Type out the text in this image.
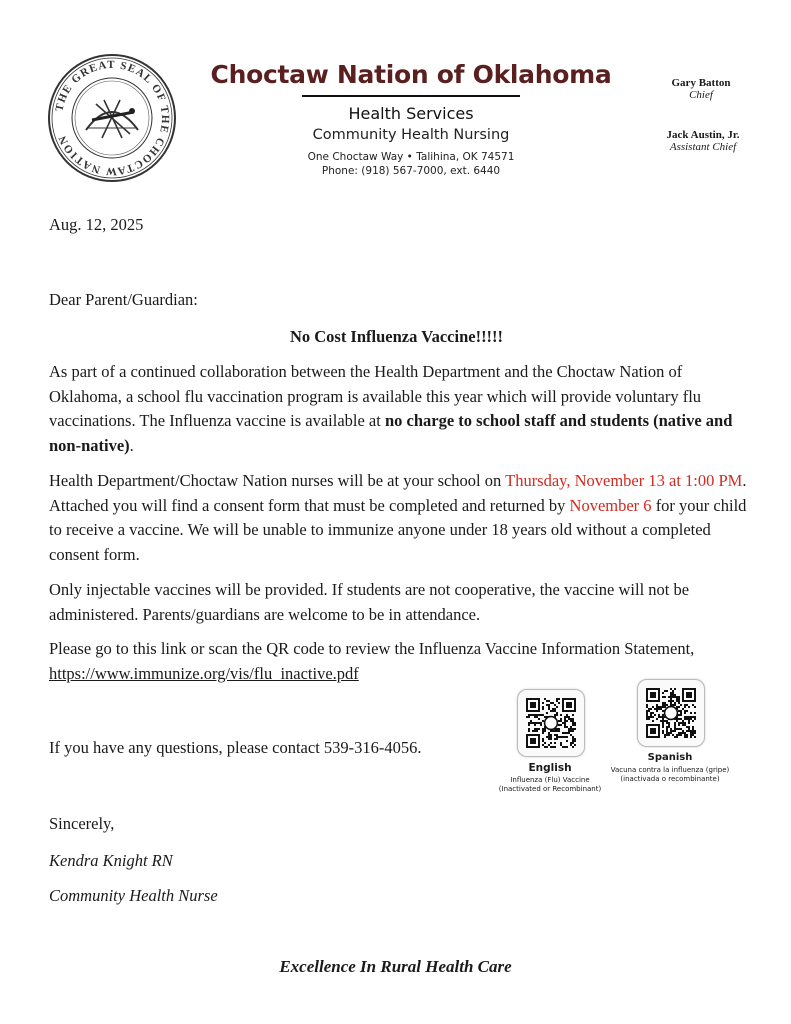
THE GREAT SEAL OF THE CHOCTAW NATION
Choctaw Nation of Oklahoma
Health Services
Community Health Nursing
One Choctaw Way • Talihina, OK 74571
Phone: (918) 567-7000, ext. 6440
Gary Batton
Chief
Jack Austin, Jr.
Assistant Chief
Aug. 12, 2025
Dear Parent/Guardian:
No Cost Influenza Vaccine!!!!!
As part of a continued collaboration between the Health Department and the Choctaw Nation of Oklahoma, a school flu vaccination program is available this year which will provide voluntary flu vaccinations. The Influenza vaccine is available at no charge to school staff and students (native and non-native).
Health Department/Choctaw Nation nurses will be at your school on Thursday, November 13 at 1:00 PM. Attached you will find a consent form that must be completed and returned by November 6 for your child to receive a vaccine. We will be unable to immunize anyone under 18 years old without a completed consent form.
Only injectable vaccines will be provided. If students are not cooperative, the vaccine will not be administered. Parents/guardians are welcome to be in attendance.
Please go to this link or scan the QR code to review the Influenza Vaccine Information Statement, https://www.immunize.org/vis/flu_inactive.pdf
If you have any questions, please contact 539-316-4056.
Sincerely,
Kendra Knight RN
Community Health Nurse
English
Influenza (Flu) Vaccine (Inactivated or Recombinant)
Spanish
Vacuna contra la influenza (gripe) (inactivada o recombinante)
Excellence In Rural Health Care
